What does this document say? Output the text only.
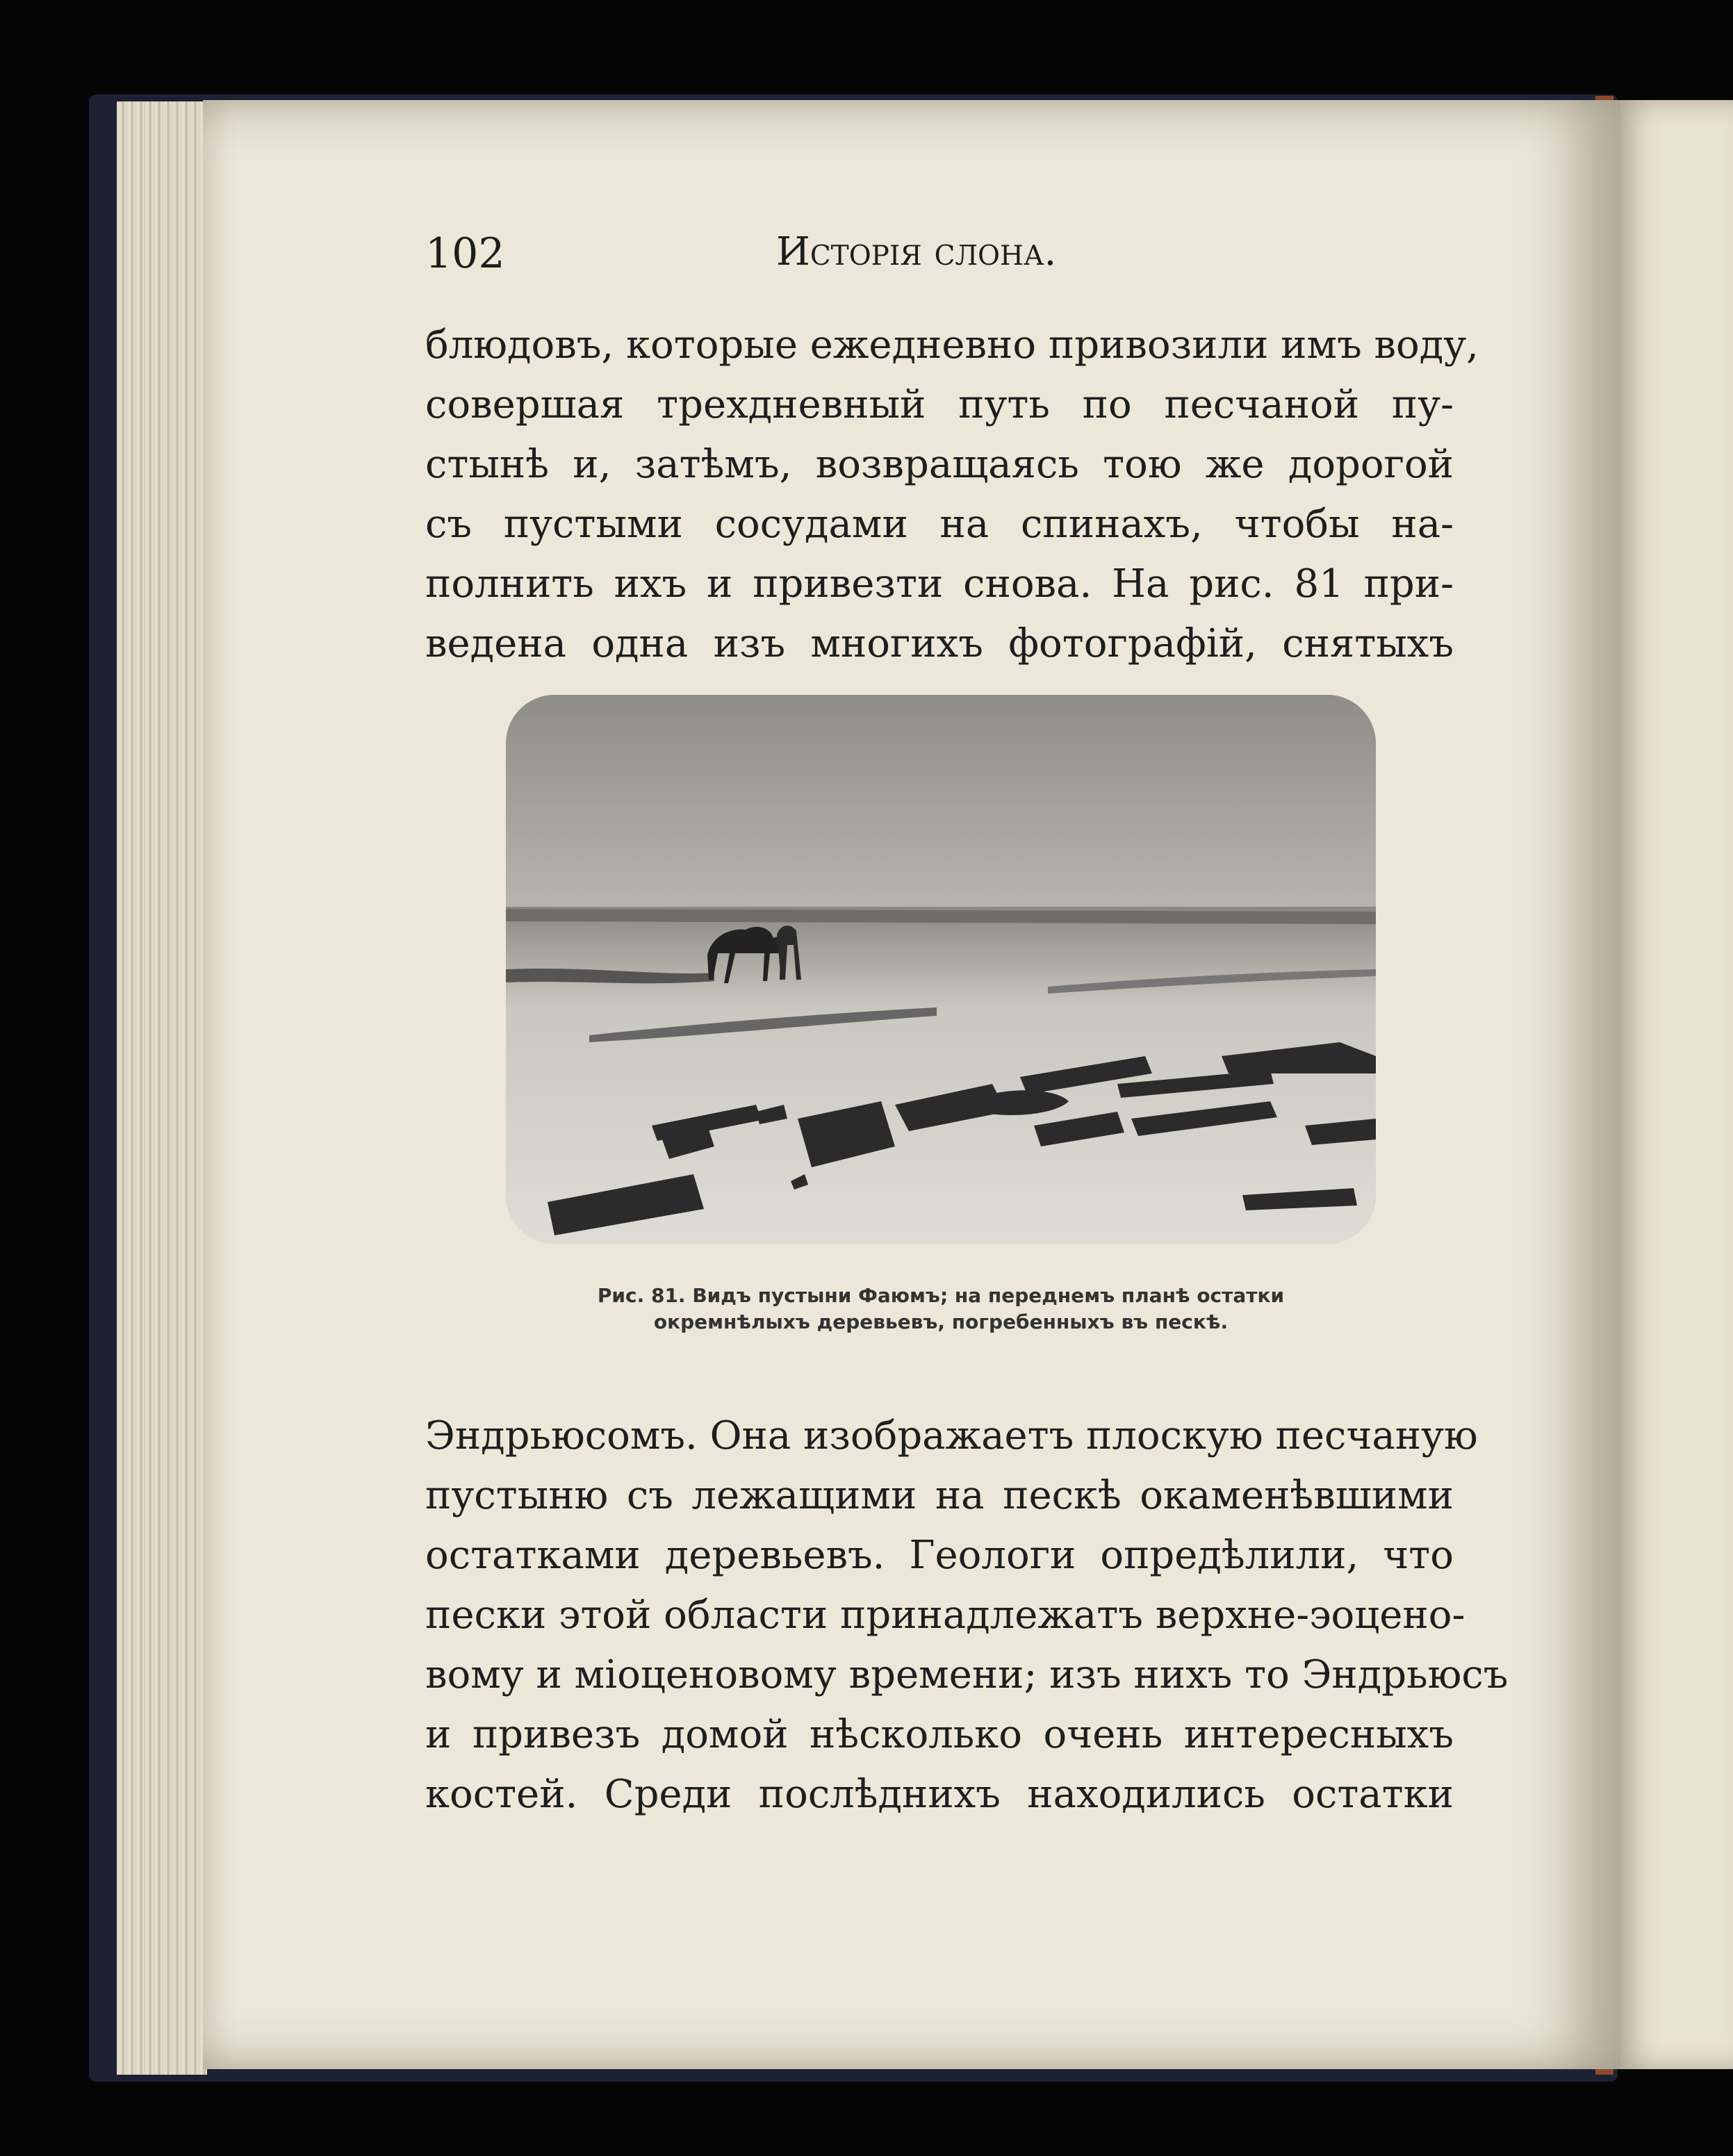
102	Исторія слона.
блюдовъ, которые ежедневно привозили имъ воду,
совершая трехдневный путь по песчаной пу-
стынѣ и, затѣмъ, возвращаясь тою же дорогой
съ пустыми сосудами на спинахъ, чтобы на-
полнить ихъ и привезти снова. На рис. 81 при-
ведена одна изъ многихъ фотографій, снятыхъ
Рис. 81. Видъ пустыни Фаюмъ; на переднемъ планѣ остатки
окремнѣлыхъ деревьевъ, погребенныхъ въ пескѣ.
Эндрьюсомъ. Она изображаетъ плоскую песчаную
пустыню съ лежащими на пескѣ окаменѣвшими
остатками деревьевъ. Геологи опредѣлили, что
пески этой области принадлежатъ верхне-эоцено-
вому и міоценовому времени; изъ нихъ то Эндрьюсъ
и привезъ домой нѣсколько очень интересныхъ
костей. Среди послѣднихъ находились остатки
